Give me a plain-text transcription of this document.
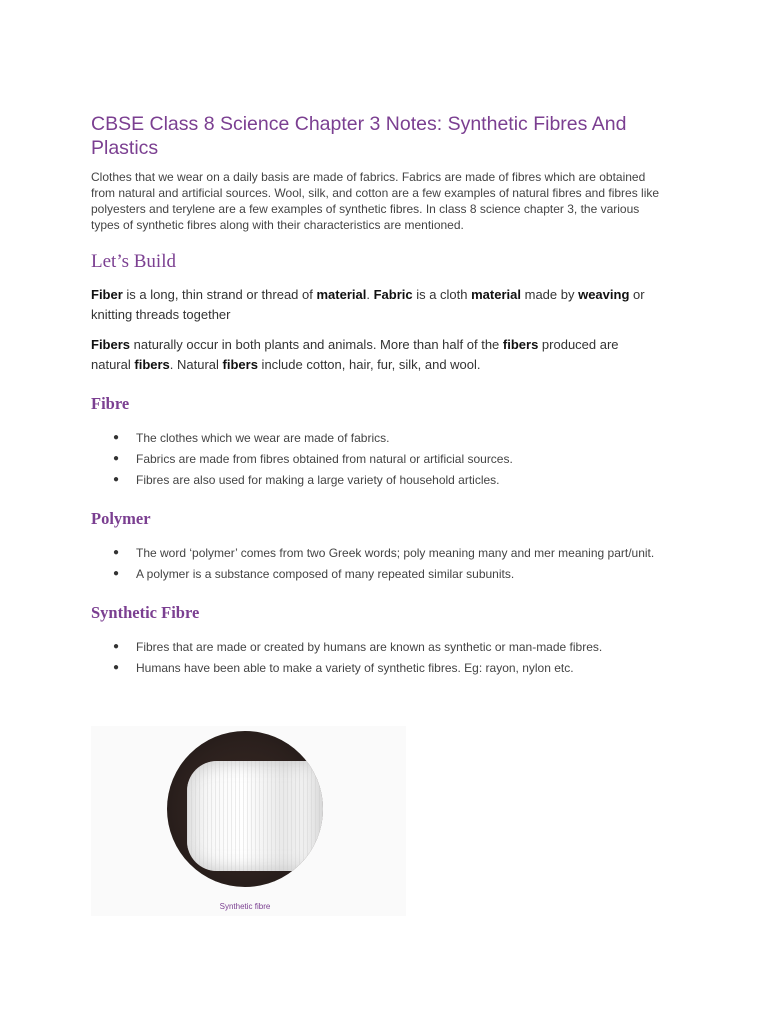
CBSE Class 8 Science Chapter 3 Notes: Synthetic Fibres And Plastics

Clothes that we wear on a daily basis are made of fabrics. Fabrics are made of fibres which are obtained from natural and artificial sources. Wool, silk, and cotton are a few examples of natural fibres and fibres like polyesters and terylene are a few examples of synthetic fibres. In class 8 science chapter 3, the various types of synthetic fibres along with their characteristics are mentioned.

Let’s Build

Fiber is a long, thin strand or thread of material. Fabric is a cloth material made by weaving or knitting threads together

Fibers naturally occur in both plants and animals. More than half of the fibers produced are natural fibers. Natural fibers include cotton, hair, fur, silk, and wool.

Fibre
● The clothes which we wear are made of fabrics.
● Fabrics are made from fibres obtained from natural or artificial sources.
● Fibres are also used for making a large variety of household articles.
Polymer
● The word ‘polymer’ comes from two Greek words; poly meaning many and mer meaning part/unit.
● A polymer is a substance composed of many repeated similar subunits.
Synthetic Fibre
● Fibres that are made or created by humans are known as synthetic or man-made fibres.
● Humans have been able to make a variety of synthetic fibres. Eg: rayon, nylon etc.
Synthetic fibre
